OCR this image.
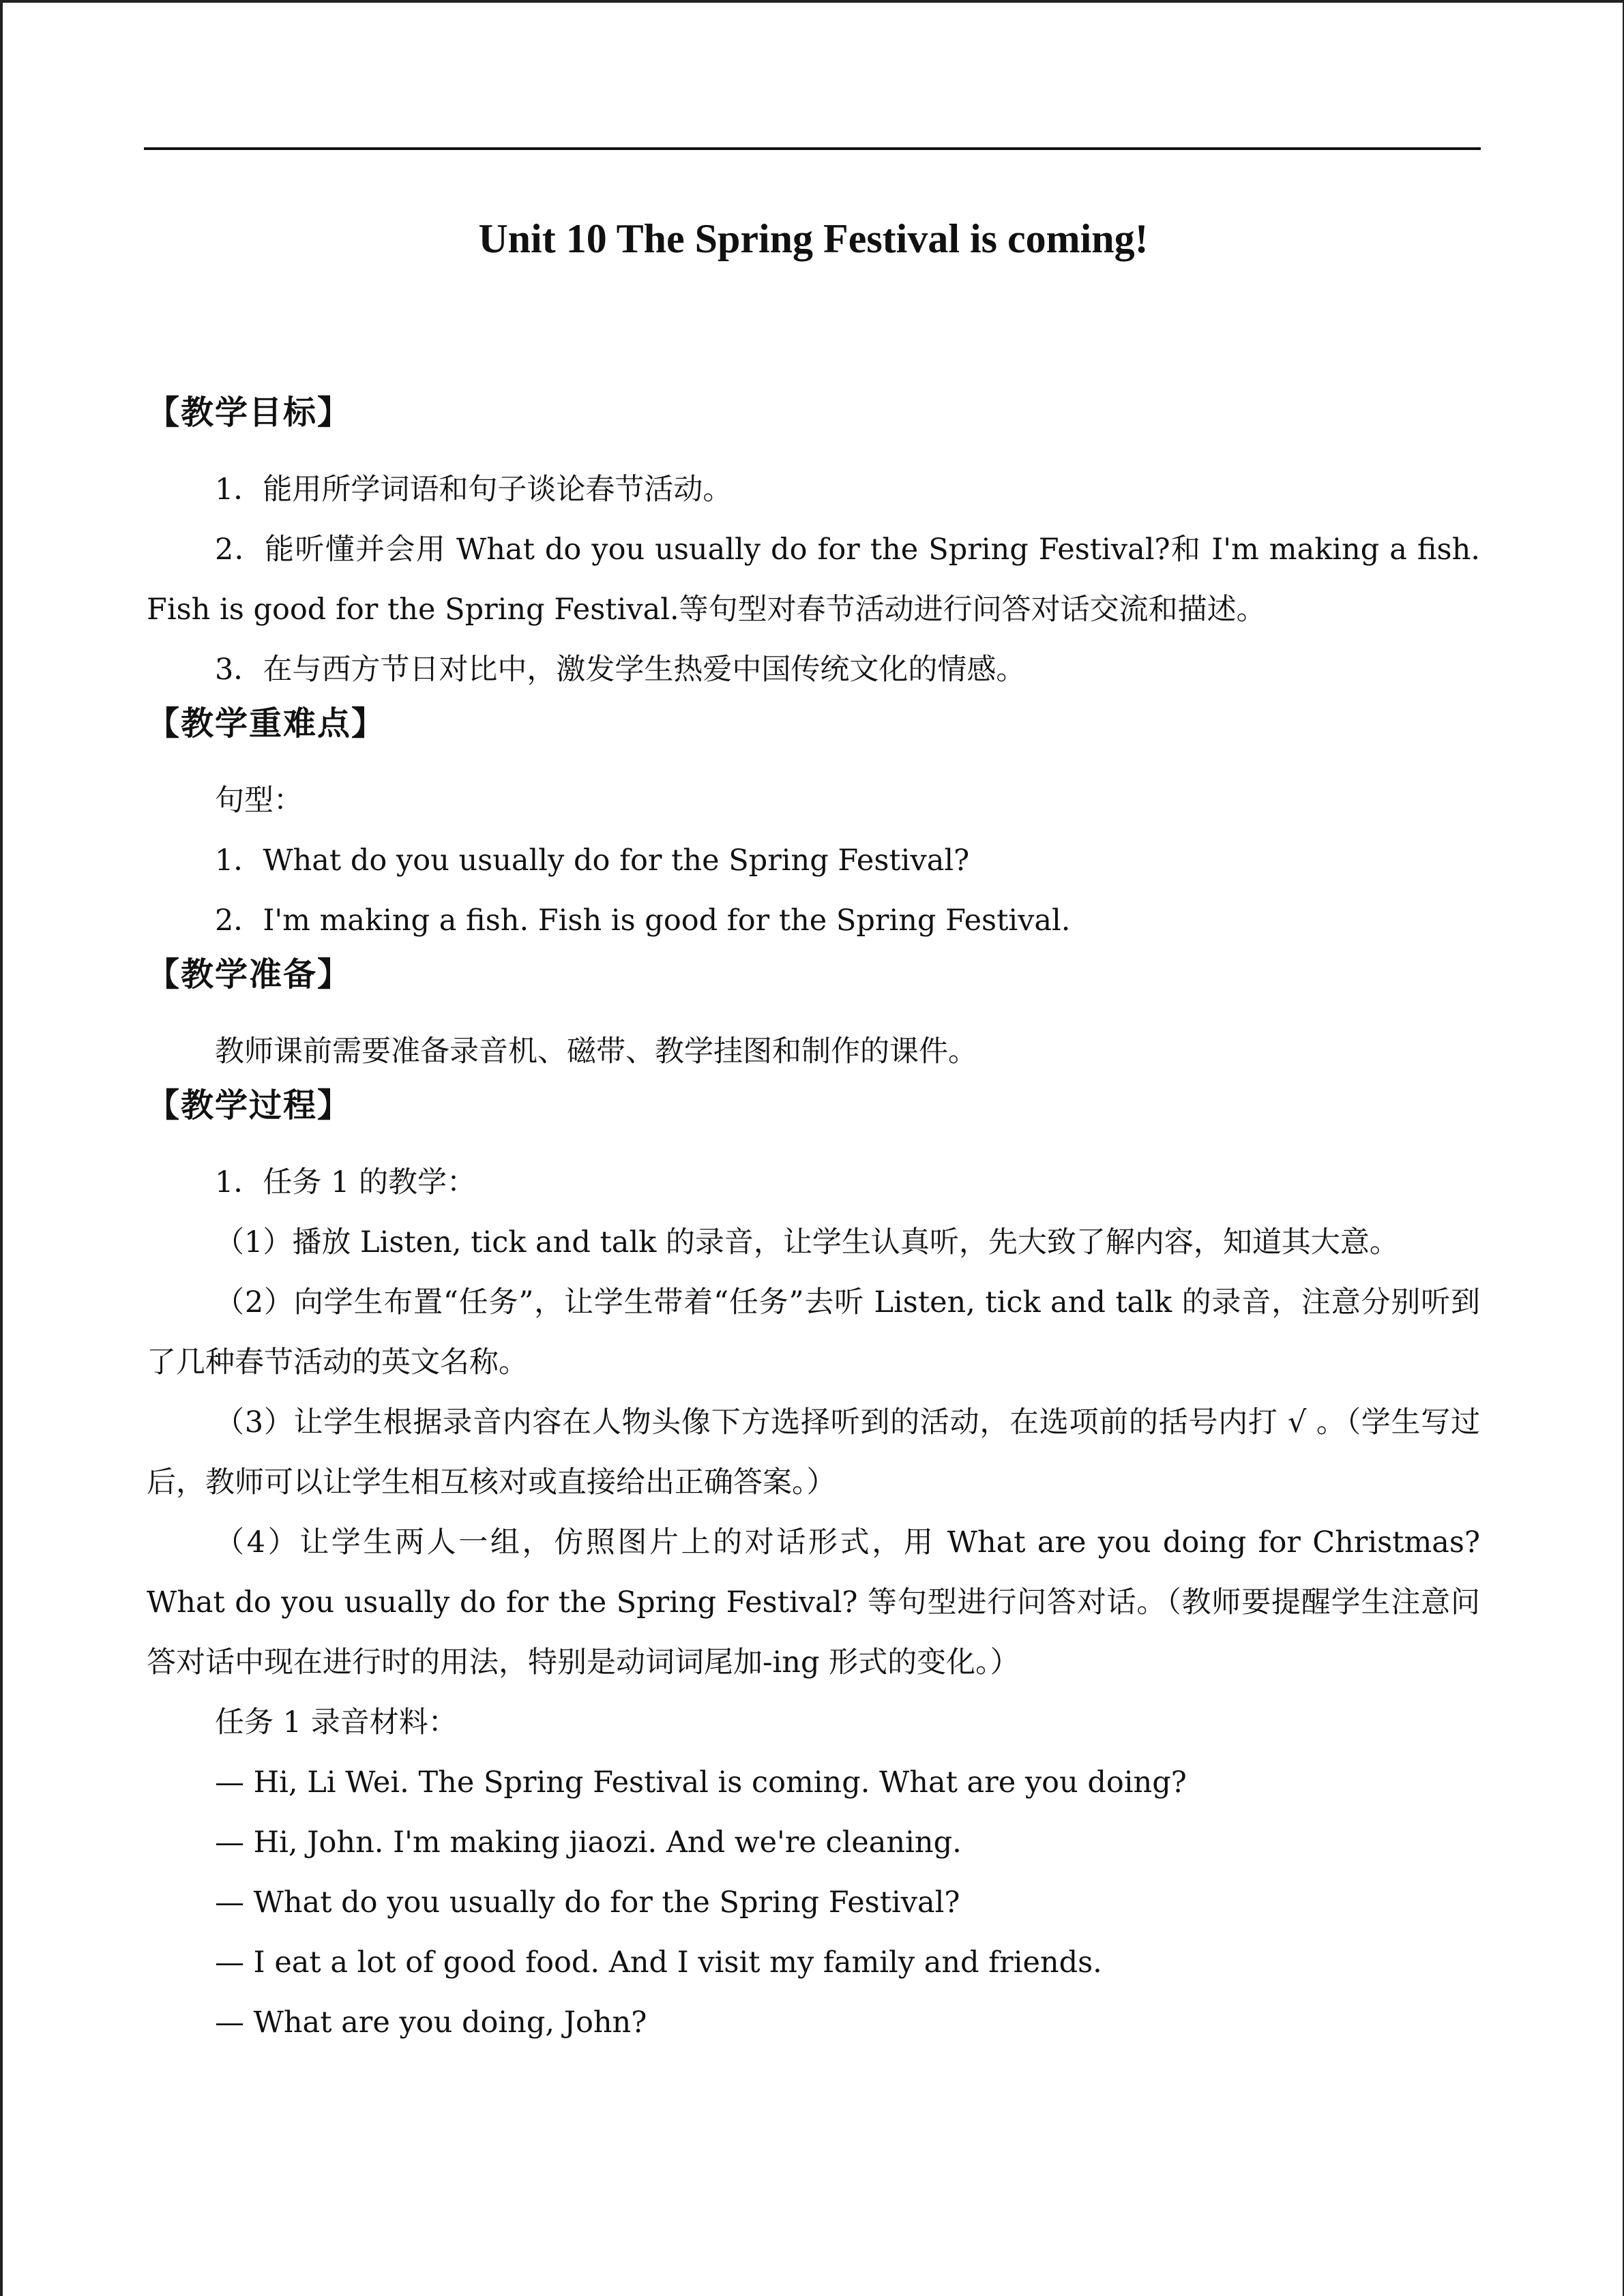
Unit 10 The Spring Festival is coming!
【教学目标】

1．能用所学词语和句子谈论春节活动。

2．能听懂并会用 What do you usually do for the Spring Festival?和 I'm making a fish. Fish is good for the Spring Festival.等句型对春节活动进行问答对话交流和描述。

3．在与西方节日对比中，激发学生热爱中国传统文化的情感。

【教学重难点】

句型：

1．What do you usually do for the Spring Festival?

2．I'm making a fish. Fish is good for the Spring Festival.

【教学准备】

教师课前需要准备录音机、磁带、教学挂图和制作的课件。

【教学过程】

1．任务 1 的教学：

（1）播放 Listen, tick and talk 的录音，让学生认真听，先大致了解内容，知道其大意。

（2）向学生布置“任务”，让学生带着“任务”去听 Listen, tick and talk 的录音，注意分别听到了几种春节活动的英文名称。

（3）让学生根据录音内容在人物头像下方选择听到的活动，在选项前的括号内打 √ 。（学生写过后，教师可以让学生相互核对或直接给出正确答案。）

（4）让学生两人一组，仿照图片上的对话形式，用 What are you doing for Christmas? What do you usually do for the Spring Festival? 等句型进行问答对话。（教师要提醒学生注意问答对话中现在进行时的用法，特别是动词词尾加-ing 形式的变化。）

任务 1 录音材料：

— Hi, Li Wei. The Spring Festival is coming. What are you doing?

— Hi, John. I'm making jiaozi. And we're cleaning.

— What do you usually do for the Spring Festival?

— I eat a lot of good food. And I visit my family and friends.

— What are you doing, John?
